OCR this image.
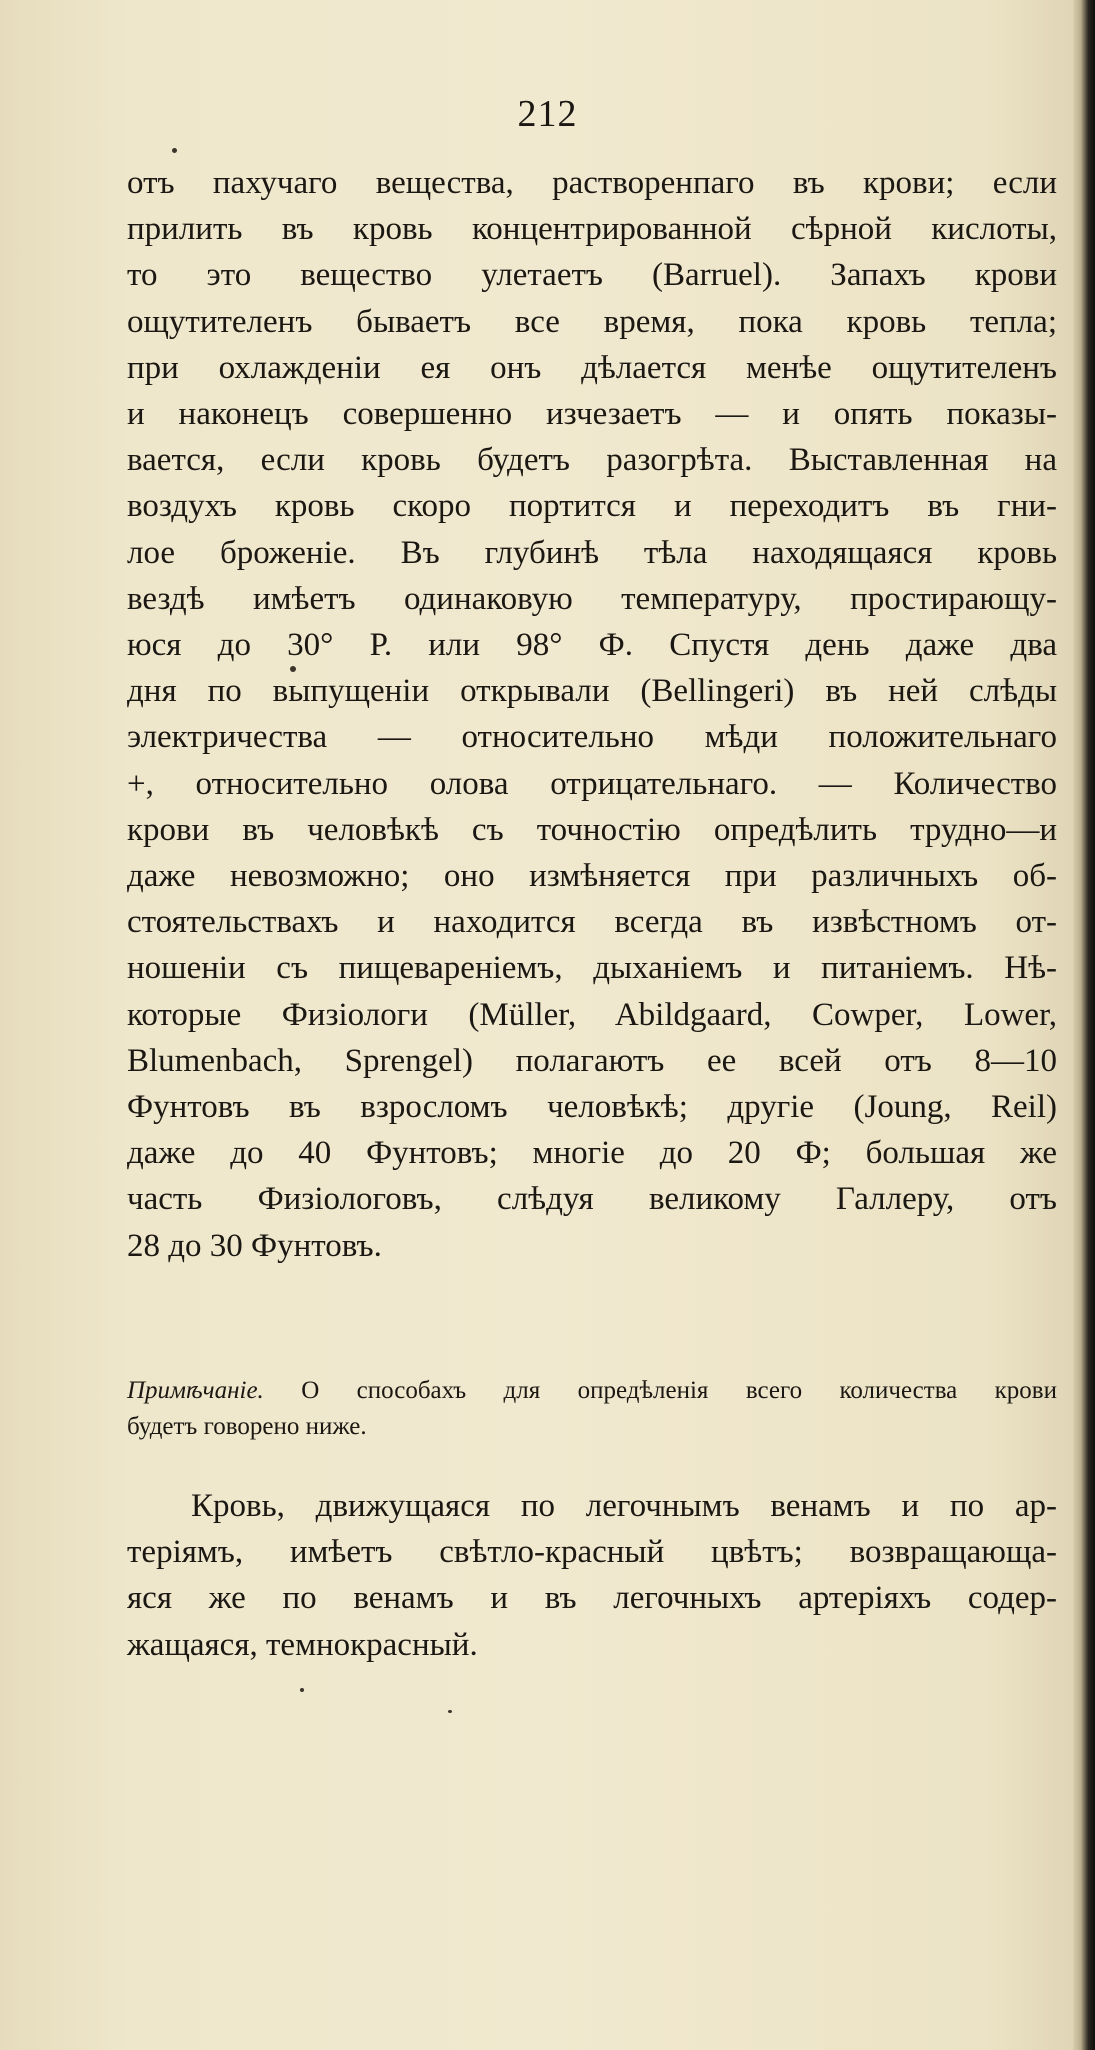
212
отъ пахучаго вещества, растворенпаго въ крови; если
прилить въ кровь концентрированной сѣрной кислоты,
то это вещество улетаетъ (Barruel). Запахъ крови
ощутителенъ бываетъ все время, пока кровь тепла;
при охлажденіи ея онъ дѣлается менѣе ощутителенъ
и наконецъ совершенно изчезаетъ — и опять показы-
вается, если кровь будетъ разогрѣта. Выставленная на
воздухъ кровь скоро портится и переходитъ въ гни-
лое броженіе. Въ глубинѣ тѣла находящаяся кровь
вездѣ имѣетъ одинаковую температуру, простирающу-
юся до 30° Р. или 98° Ф. Спустя день даже два
дня по выпущеніи открывали (Bellingeri) въ ней слѣды
электричества — относительно мѣди положительнаго
+, относительно олова отрицательнаго. — Количество
крови въ человѣкѣ съ точностію опредѣлить трудно—и
даже невозможно; оно измѣняется при различныхъ об-
стоятельствахъ и находится всегда въ извѣстномъ от-
ношеніи съ пищевареніемъ, дыханіемъ и питаніемъ. Нѣ-
которые Физіологи (Müller, Abildgaard, Cowper, Lower,
Blumenbach, Sprengel) полагаютъ ее всей отъ 8—10
Фунтовъ въ взросломъ человѣкѣ; другіе (Joung, Reil)
даже до 40 Фунтовъ; многіе до 20 Ф; большая же
часть Физіологовъ, слѣдуя великому Галлеру, отъ
28 до 30 Фунтовъ.
Примѣчаніе. О способахъ для опредѣленія всего количества крови
будетъ говорено ниже.
Кровь, движущаяся по легочнымъ венамъ и по ар-
теріямъ, имѣетъ свѣтло-красный цвѣтъ; возвращающа-
яся же по венамъ и въ легочныхъ артеріяхъ содер-
жащаяся, темнокрасный.
